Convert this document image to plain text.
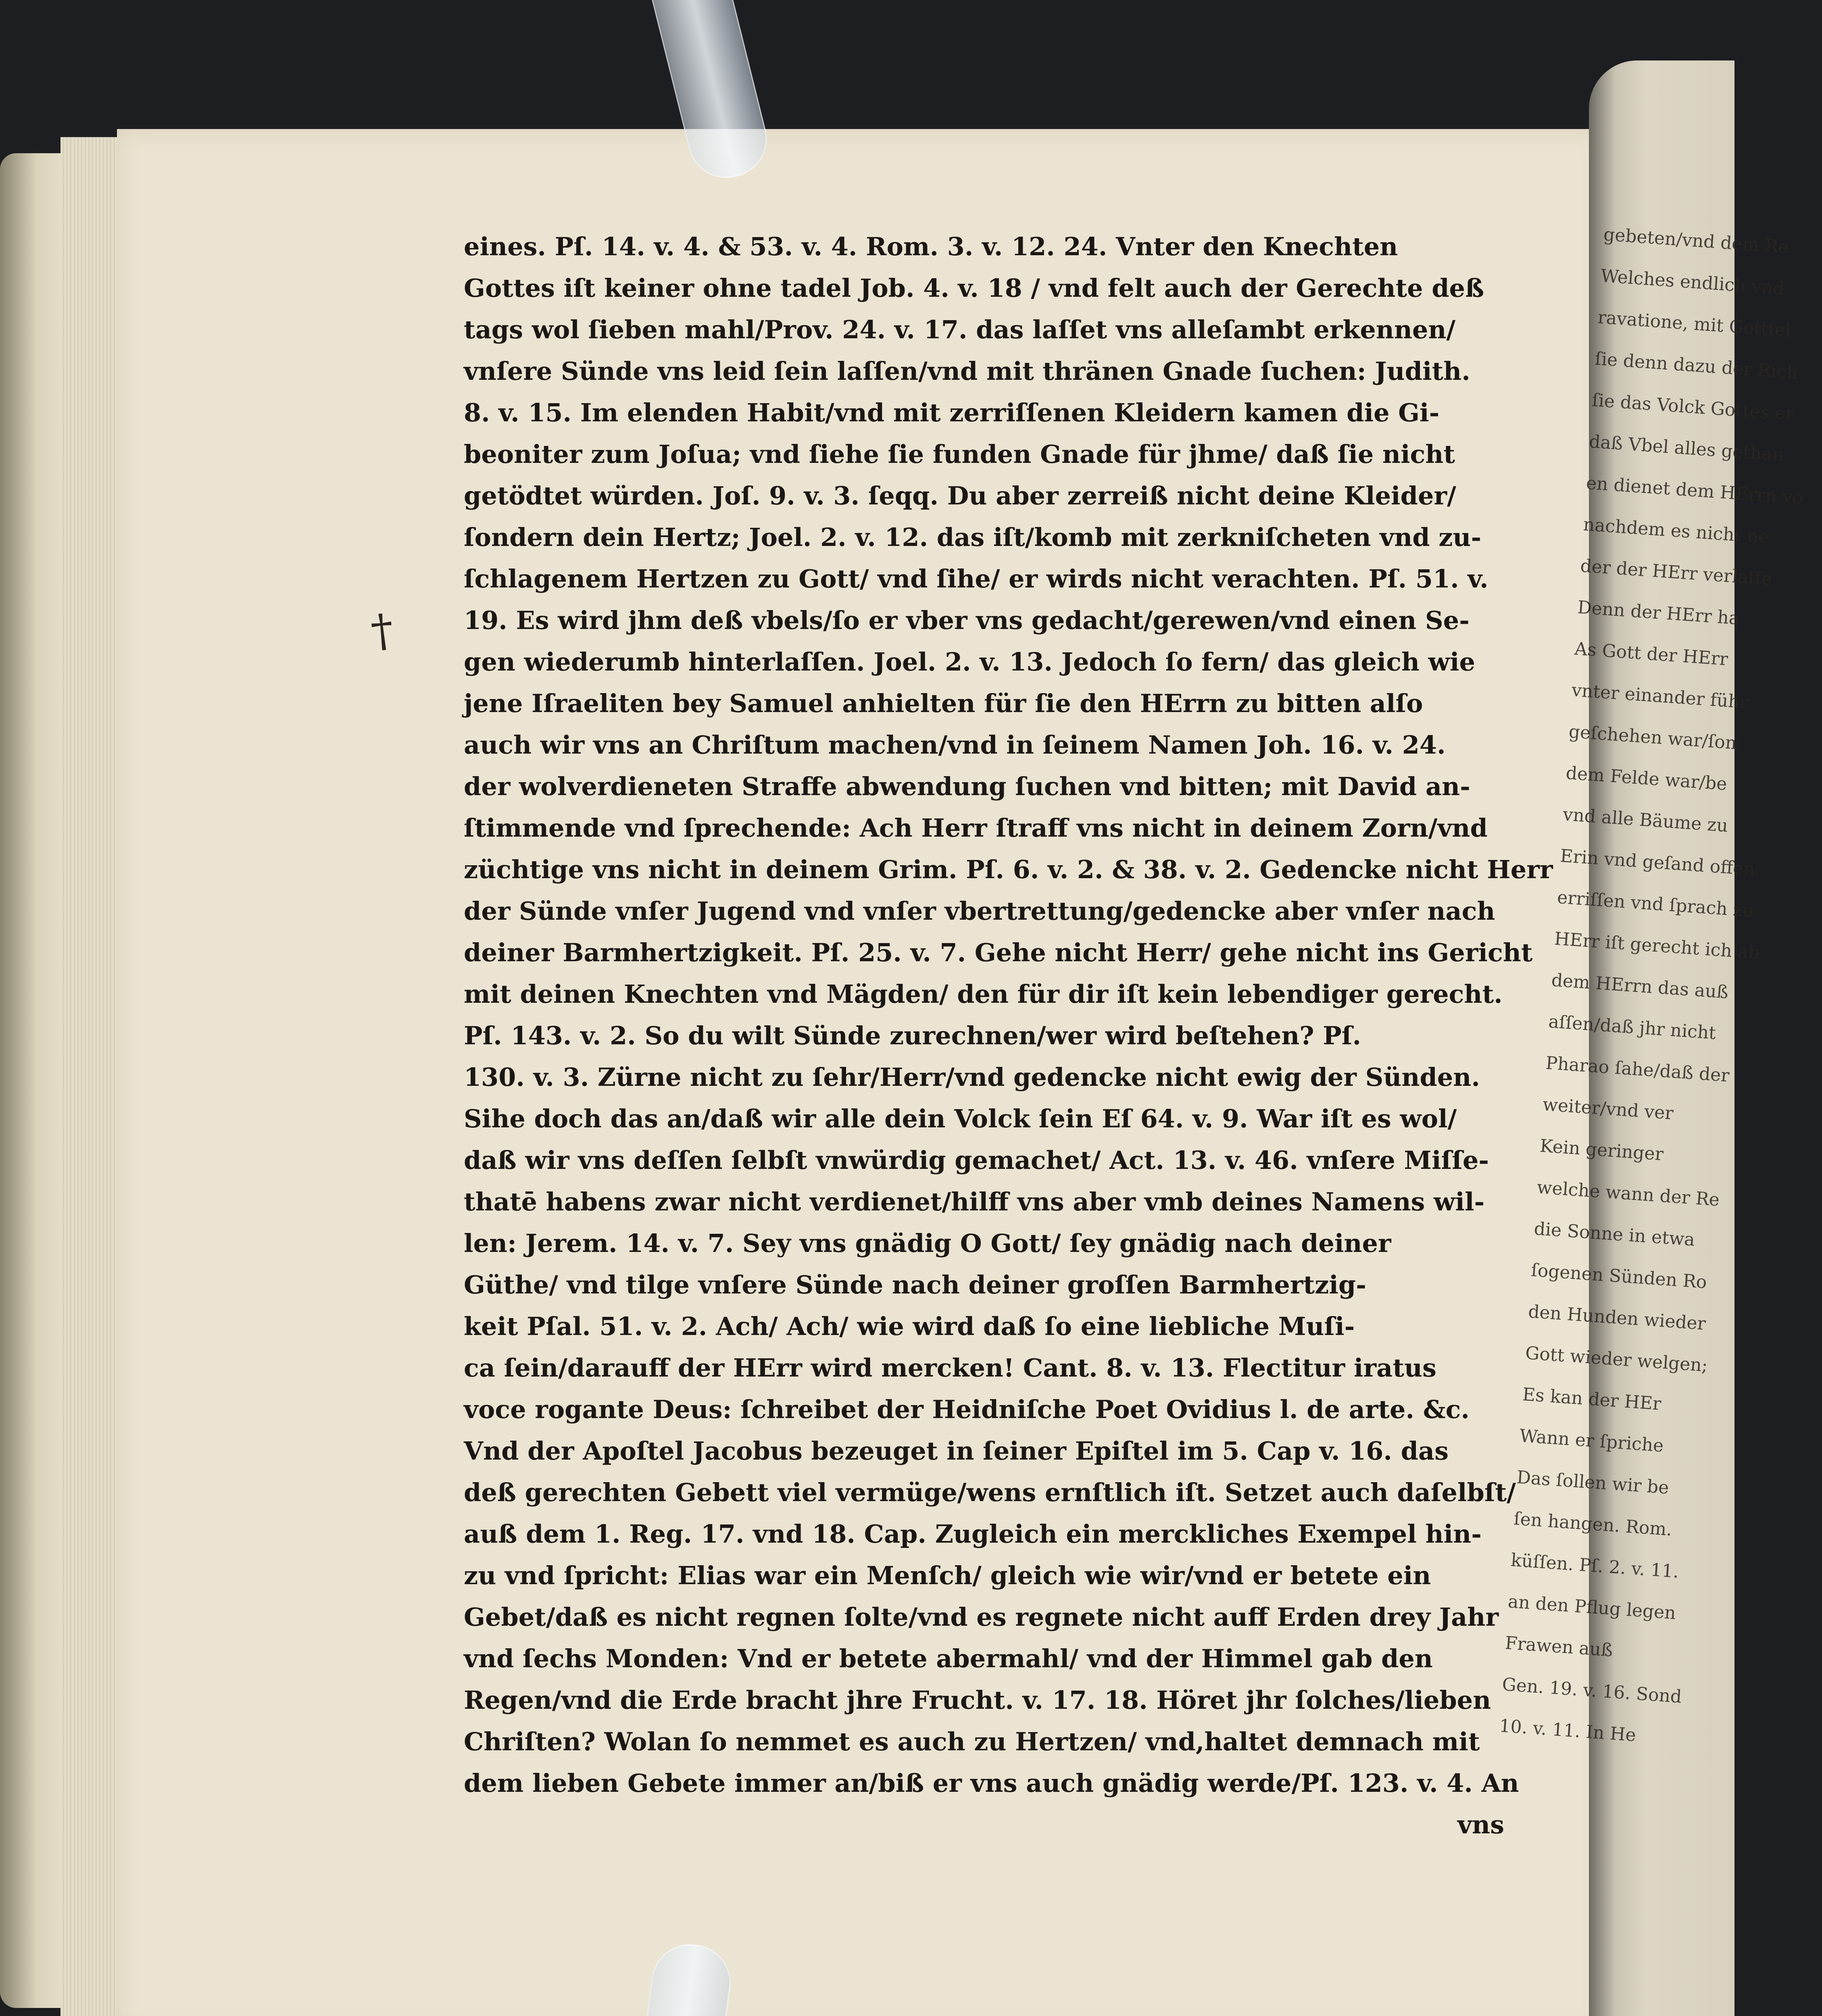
gebeten/vnd dem Re
Welches endlich vnd
ravatione, mit Gottſel
ſie denn dazu der Rich
ſie das Volck Gottes er
daß Vbel alles gethan
en dienet dem HErrn vo
nachdem es nicht ne
der der HErr verlaſſe
Denn der HErr ha
As Gott der HErr
vnter einander führ
geſchehen war/ſon
dem Felde war/be
vnd alle Bäume zu
Erin vnd geſand offen
erriſſen vnd ſprach zu
HErr iſt gerecht ich ab
dem HErrn das auß
aſſen/daß jhr nicht
Pharao ſahe/daß der
weiter/vnd ver
Kein geringer
welche wann der Re
die Sonne in etwa
ſogenen Sünden Ro
den Hunden wieder
Gott wieder welgen;
Es kan der HEr
Wann er ſpriche
Das ſollen wir be
ſen hangen. Rom.
küſſen. Pſ. 2. v. 11.
an den Pflug legen
Frawen auß
Gen. 19. v. 16. Sond
10. v. 11. In He
†
eines. Pſ. 14. v. 4. & 53. v. 4. Rom. 3. v. 12. 24. Vnter den Knechten
Gottes iſt keiner ohne tadel Job. 4. v. 18 / vnd felt auch der Gerechte deß
tags wol ſieben mahl/Prov. 24. v. 17. das laſſet vns alleſambt erkennen/
vnſere Sünde vns leid ſein laſſen/vnd mit thränen Gnade ſuchen: Judith.
8. v. 15. Im elenden Habit/vnd mit zerriſſenen Kleidern kamen die Gi-
beoniter zum Joſua; vnd ſiehe ſie funden Gnade für jhme/ daß ſie nicht
getödtet würden. Joſ. 9. v. 3. ſeqq. Du aber zerreiß nicht deine Kleider/
ſondern dein Hertz; Joel. 2. v. 12. das iſt/komb mit zerkniſcheten vnd zu-
ſchlagenem Hertzen zu Gott/ vnd ſihe/ er wirds nicht verachten. Pſ. 51. v.
19. Es wird jhm deß vbels/ſo er vber vns gedacht/gerewen/vnd einen Se-
gen wiederumb hinterlaſſen. Joel. 2. v. 13. Jedoch ſo fern/ das gleich wie
jene Iſraeliten bey Samuel anhielten für ſie den HErrn zu bitten alſo
auch wir vns an Chriſtum machen/vnd in ſeinem Namen Joh. 16. v. 24.
der wolverdieneten Straffe abwendung ſuchen vnd bitten; mit David an-
ſtimmende vnd ſprechende: Ach Herr ſtraff vns nicht in deinem Zorn/vnd
züchtige vns nicht in deinem Grim. Pſ. 6. v. 2. & 38. v. 2. Gedencke nicht Herr
der Sünde vnſer Jugend vnd vnſer vbertrettung/gedencke aber vnſer nach
deiner Barmhertzigkeit. Pſ. 25. v. 7. Gehe nicht Herr/ gehe nicht ins Gericht
mit deinen Knechten vnd Mägden/ den für dir iſt kein lebendiger gerecht.
Pſ. 143. v. 2. So du wilt Sünde zurechnen/wer wird beſtehen? Pſ.
130. v. 3. Zürne nicht zu ſehr/Herr/vnd gedencke nicht ewig der Sünden.
Sihe doch das an/daß wir alle dein Volck ſein Eſ 64. v. 9. War iſt es wol/
daß wir vns deſſen ſelbſt vnwürdig gemachet/ Act. 13. v. 46. vnſere Miſſe-
thatē habens zwar nicht verdienet/hilff vns aber vmb deines Namens wil-
len: Jerem. 14. v. 7. Sey vns gnädig O Gott/ ſey gnädig nach deiner
Güthe/ vnd tilge vnſere Sünde nach deiner groſſen Barmhertzig-
keit Pſal. 51. v. 2. Ach/ Ach/ wie wird daß ſo eine liebliche Muſi-
ca ſein/darauff der HErr wird mercken! Cant. 8. v. 13. Flectitur iratus
voce rogante Deus: ſchreibet der Heidniſche Poet Ovidius l. de arte. &c.
Vnd der Apoſtel Jacobus bezeuget in ſeiner Epiſtel im 5. Cap v. 16. das
deß gerechten Gebett viel vermüge/wens ernſtlich iſt. Setzet auch daſelbſt/
auß dem 1. Reg. 17. vnd 18. Cap. Zugleich ein merckliches Exempel hin-
zu vnd ſpricht: Elias war ein Menſch/ gleich wie wir/vnd er betete ein
Gebet/daß es nicht regnen ſolte/vnd es regnete nicht auff Erden drey Jahr
vnd ſechs Monden: Vnd er betete abermahl/ vnd der Himmel gab den
Regen/vnd die Erde bracht jhre Frucht. v. 17. 18. Höret jhr ſolches/lieben
Chriſten? Wolan ſo nemmet es auch zu Hertzen/ vnd,haltet demnach mit
dem lieben Gebete immer an/biß er vns auch gnädig werde/Pſ. 123. v. 4. An
vns
